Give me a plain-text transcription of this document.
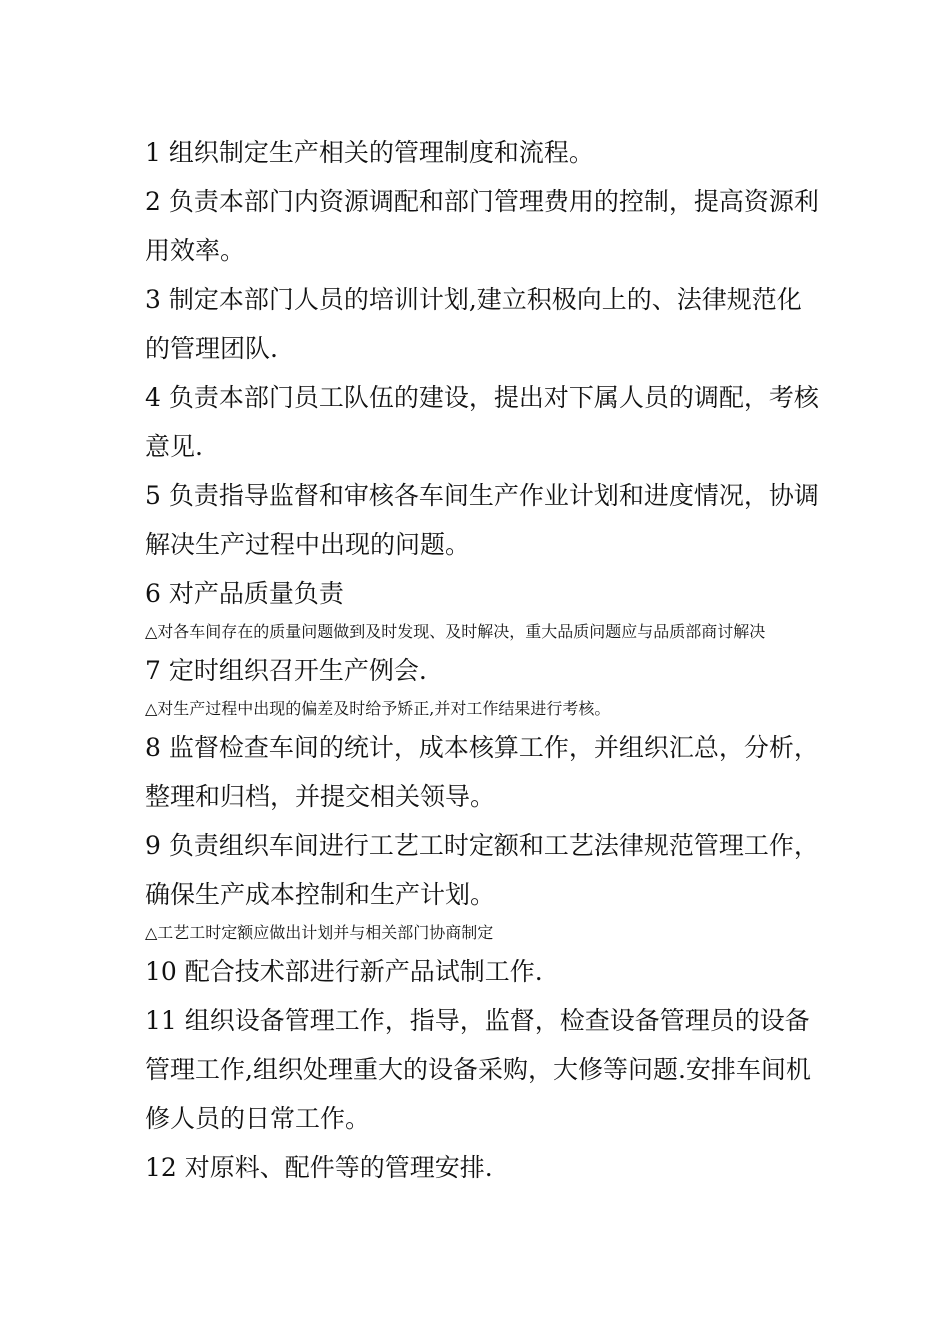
1 组织制定生产相关的管理制度和流程。

2 负责本部门内资源调配和部门管理费用的控制，提高资源利用效率。

3 制定本部门人员的培训计划,建立积极向上的、法律规范化的管理团队.

4 负责本部门员工队伍的建设，提出对下属人员的调配，考核意见.

5 负责指导监督和审核各车间生产作业计划和进度情况，协调解决生产过程中出现的问题。

6 对产品质量负责

△对各车间存在的质量问题做到及时发现、及时解决，重大品质问题应与品质部商讨解决

7 定时组织召开生产例会.

△对生产过程中出现的偏差及时给予矫正,并对工作结果进行考核。

8 监督检查车间的统计，成本核算工作，并组织汇总，分析，整理和归档，并提交相关领导。

9 负责组织车间进行工艺工时定额和工艺法律规范管理工作，确保生产成本控制和生产计划。

△工艺工时定额应做出计划并与相关部门协商制定

10 配合技术部进行新产品试制工作.

11 组织设备管理工作，指导，监督，检查设备管理员的设备管理工作,组织处理重大的设备采购，大修等问题.安排车间机修人员的日常工作。

12 对原料、配件等的管理安排.
